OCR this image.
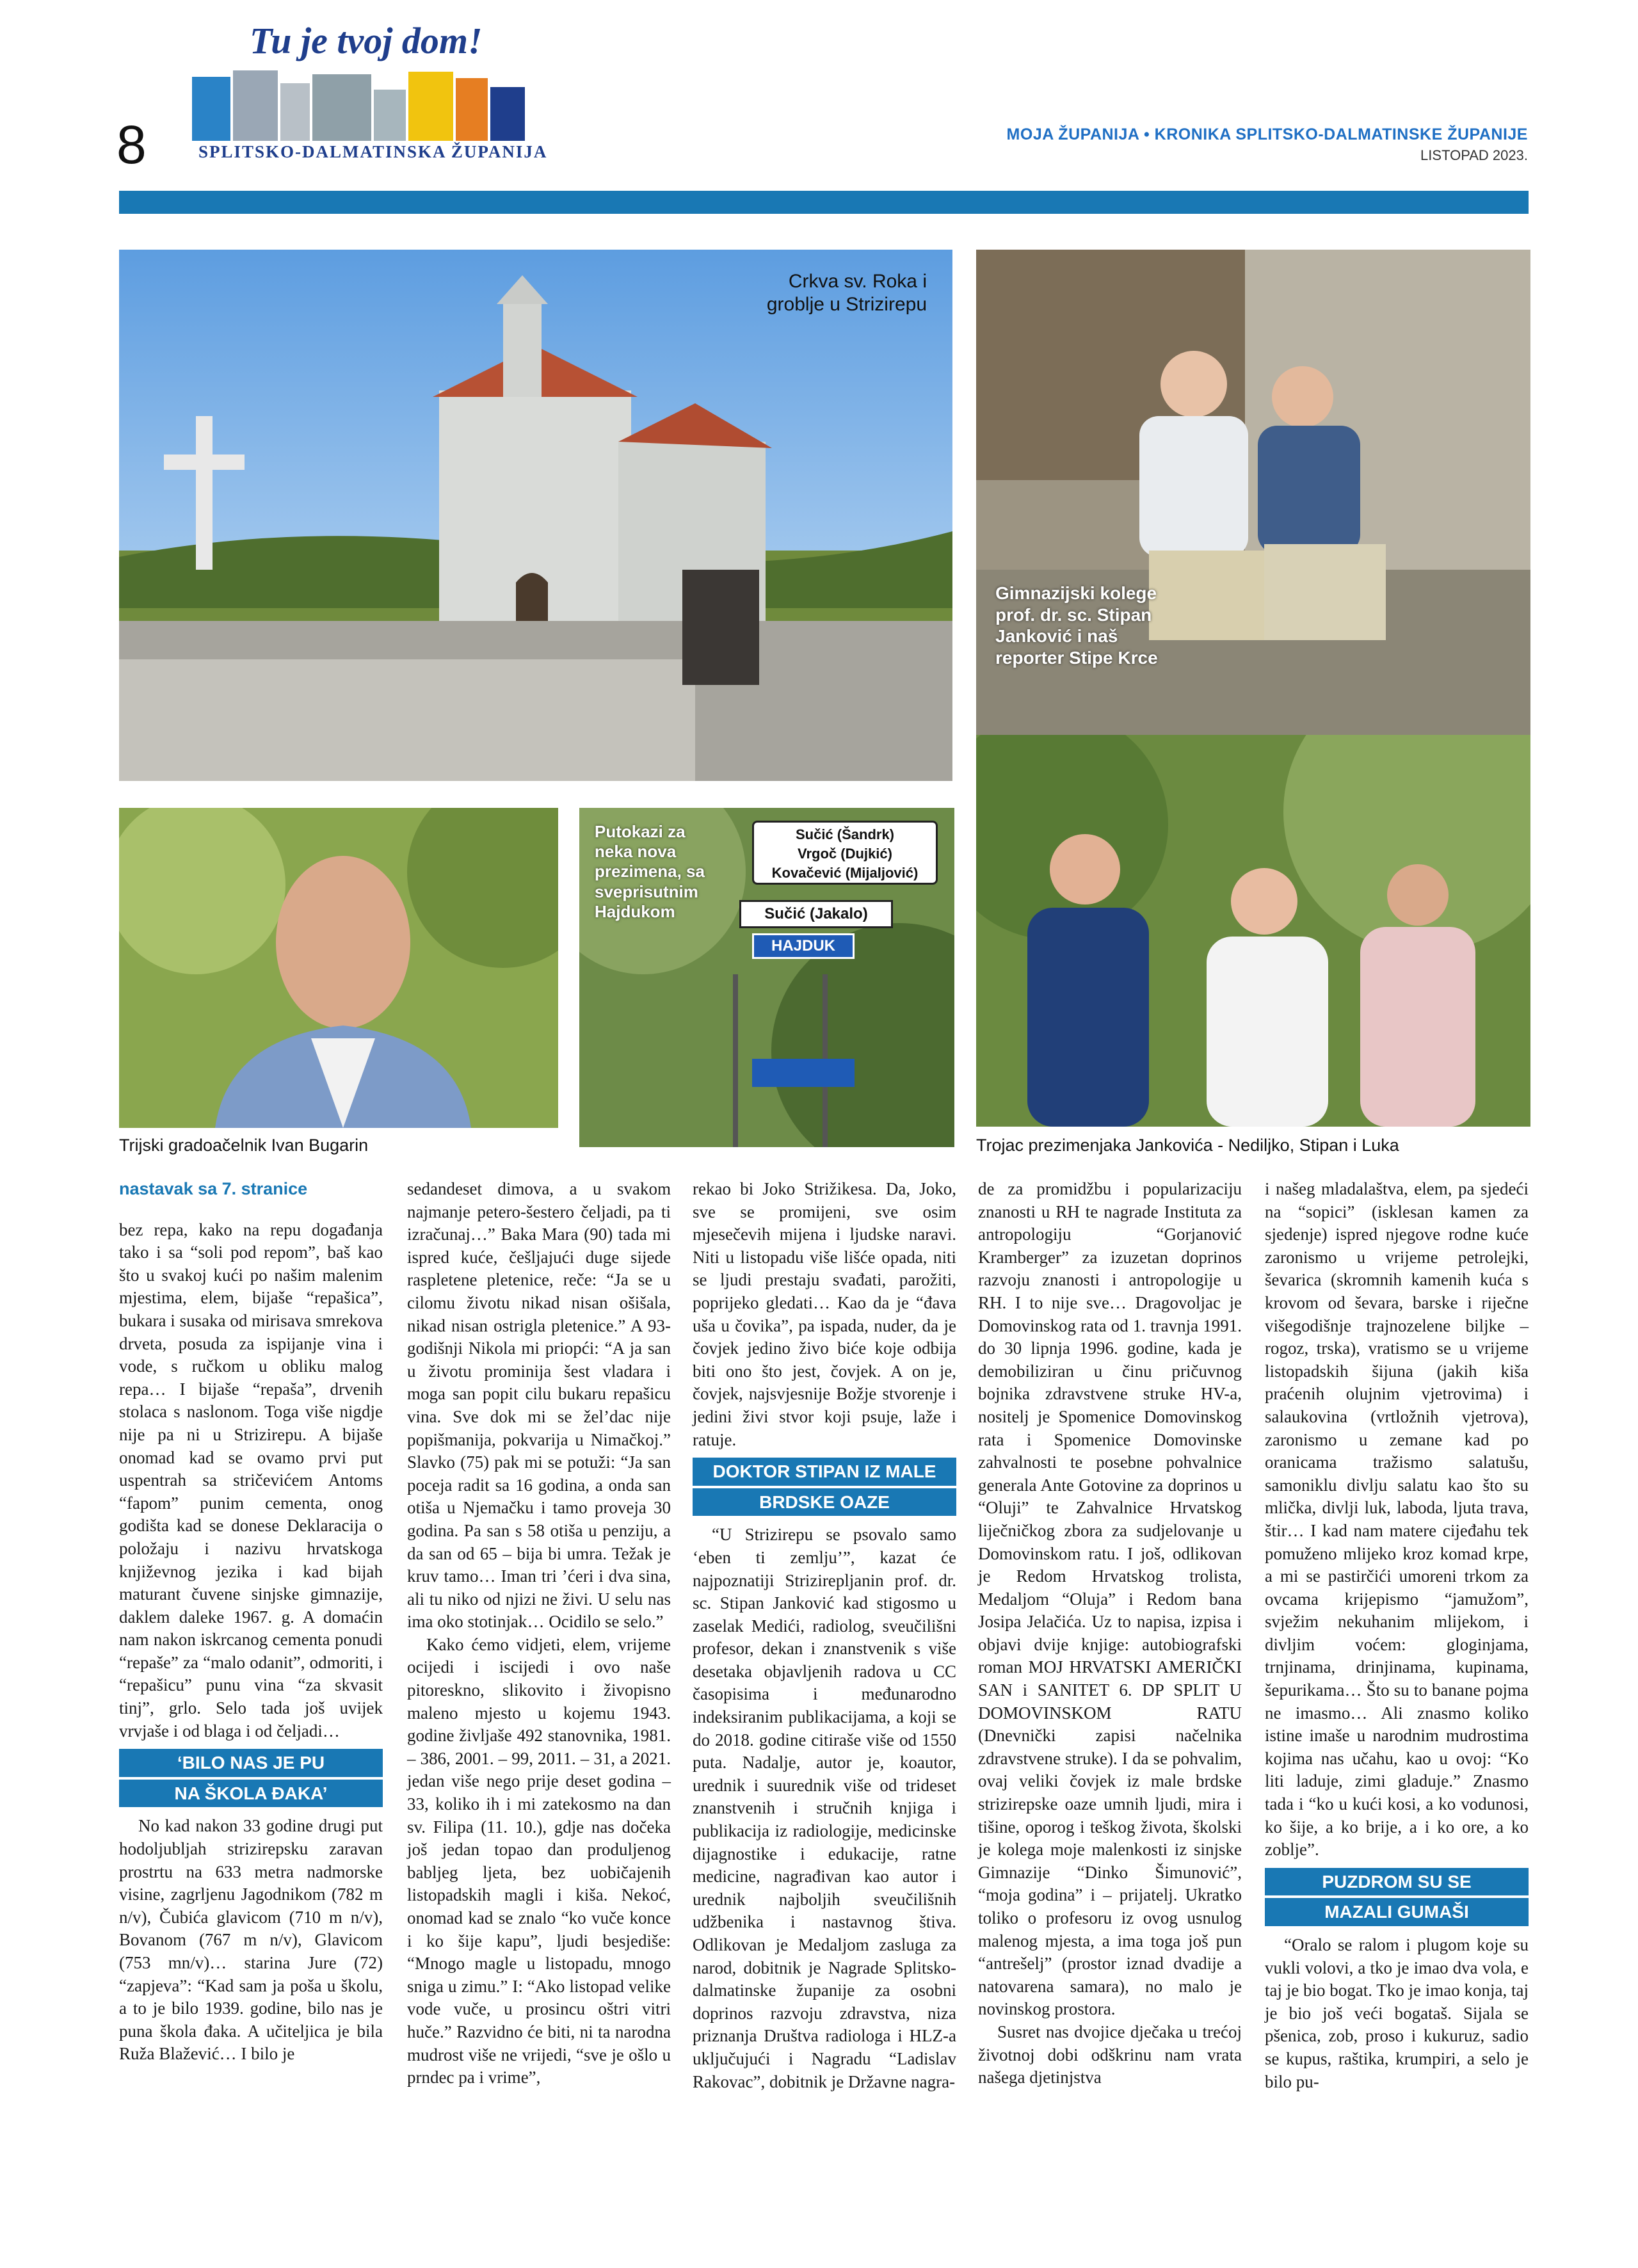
Tu je tvoj dom!
SPLITSKO-DALMATINSKA ŽUPANIJA
8	MOJA ŽUPANIJA • KRONIKA SPLITSKO-DALMATINSKE ŽUPANIJE
LISTOPAD 2023.
Crkva sv. Roka i groblje u Strizirepu
Gimnazijski kolege prof. dr. sc. Stipan Janković i naš reporter Stipe Krce
Trijski gradoačelnik Ivan Bugarin
Sučić (Šandrk)
Vrgoč (Dujkić)
Kovačević (Mijaljović)
Sučić (Jakalo)
HAJDUK
Putokazi za neka nova prezimena, sa sveprisutnim Hajdukom
Trojac prezimenjaka Jankovića - Nediljko, Stipan i Luka
nastavak sa 7. stranice

bez repa, kako na repu događanja tako i sa “soli pod repom”, baš kao što u svakoj kući po našim malenim mjestima, elem, bijaše “repašica”, bukara i susaka od mirisava smrekova drveta, posuda za ispijanje vina i vode, s ručkom u obliku malog repa… I bijaše “repaša”, drvenih stolaca s naslonom. Toga više nigdje nije pa ni u Strizirepu. A bijaše onomad kad se ovamo prvi put uspentrah sa stričevićem Antoms “fapom” punim cementa, onog godišta kad se donese Deklaracija o položaju i nazivu hrvatskoga književnog jezika i kad bijah maturant čuvene sinjske gimnazije, daklem daleke 1967. g. A domaćin nam nakon iskrcanog cementa ponudi “repaše” za “malo odanit”, odmoriti, i “repašicu” punu vina “za skvasit tinj”, grlo. Selo tada još uvijek vrvjaše i od blaga i od čeljadi…

‘BILO NAS JE PU
NA ŠKOLA ĐAKA’

No kad nakon 33 godine drugi put hodoljubljah strizirepsku zaravan prostrtu na 633 metra nadmorske visine, zagrljenu Jagodnikom (782 m n/v), Čubića glavicom (710 m n/v), Bovanom (767 m n/v), Glavicom (753 mn/v)… starina Jure (72) “zapjeva”: “Kad sam ja poša u školu, a to je bilo 1939. godine, bilo nas je puna škola đaka. A učiteljica je bila Ruža Blažević… I bilo je

sedandeset dimova, a u svakom najmanje petero-šestero čeljadi, pa ti izračunaj…” Baka Mara (90) tada mi ispred kuće, češljajući duge sijede raspletene pletenice, reče: “Ja se u cilomu životu nikad nisan ošišala, nikad nisan ostrigla pletenice.” A 93-godišnji Nikola mi priopći: “A ja san u životu prominija šest vladara i moga san popit cilu bukaru repašicu vina. Sve dok mi se žel’dac nije popišmanija, pokvarija u Nimačkoj.” Slavko (75) pak mi se potuži: “Ja san poceja radit sa 16 godina, a onda san otiša u Njemačku i tamo proveja 30 godina. Pa san s 58 otiša u penziju, a da san od 65 – bija bi umra. Težak je kruv tamo… Iman tri ’ćeri i dva sina, ali tu niko od njizi ne živi. U selu nas ima oko stotinjak… Ocidilo se selo.”

Kako ćemo vidjeti, elem, vrijeme ocijedi i iscijedi i ovo naše pitoreskno, slikovito i živopisno maleno mjesto u kojemu 1943. godine življaše 492 stanovnika, 1981. – 386, 2001. – 99, 2011. – 31, a 2021. jedan više nego prije deset godina – 33, koliko ih i mi zatekosmo na dan sv. Filipa (11. 10.), gdje nas dočeka još jedan topao dan produljenog babljeg ljeta, bez uobičajenih listopadskih magli i kiša. Nekoć, onomad kad se znalo “ko vuče konce i ko šije kapu”, ljudi besjediše: “Mnogo magle u listopadu, mnogo sniga u zimu.” I: “Ako listopad velike vode vuče, u prosincu oštri vitri huče.” Razvidno će biti, ni ta narodna mudrost više ne vrijedi, “sve je ošlo u prndec pa i vrime”,

rekao bi Joko Strižikesa. Da, Joko, sve se promijeni, sve osim mjesečevih mijena i ljudske naravi. Niti u listopadu više lišće opada, niti se ljudi prestaju svađati, parožiti, poprijeko gledati… Kao da je “đava uša u čovika”, pa ispada, nuder, da je čovjek jedino živo biće koje odbija biti ono što jest, čovjek. A on je, čovjek, najsvjesnije Božje stvorenje i jedini živi stvor koji psuje, laže i ratuje.

DOKTOR STIPAN IZ MALE
BRDSKE OAZE

“U Strizirepu se psovalo samo ‘eben ti zemlju’”, kazat će najpoznatiji Strizirepljanin prof. dr. sc. Stipan Janković kad stigosmo u zaselak Medići, radiolog, sveučilišni profesor, dekan i znanstvenik s više desetaka objavljenih radova u CC časopisima i međunarodno indeksiranim publikacijama, a koji se do 2018. godine citiraše više od 1550 puta. Nadalje, autor je, koautor, urednik i suurednik više od trideset znanstvenih i stručnih knjiga i publikacija iz radiologije, medicinske dijagnostike i edukacije, ratne medicine, nagrađivan kao autor i urednik najboljih sveučilišnih udžbenika i nastavnog štiva. Odlikovan je Medaljom zasluga za narod, dobitnik je Nagrade Splitsko-dalmatinske županije za osobni doprinos razvoju zdravstva, niza priznanja Društva radiologa i HLZ-a uključujući i Nagradu “Ladislav Rakovac”, dobitnik je Državne nagra-

de za promidžbu i popularizaciju znanosti u RH te nagrade Instituta za antropologiju “Gorjanović Kramberger” za izuzetan doprinos razvoju znanosti i antropologije u RH. I to nije sve… Dragovoljac je Domovinskog rata od 1. travnja 1991. do 30 lipnja 1996. godine, kada je demobiliziran u činu pričuvnog bojnika zdravstvene struke HV-a, nositelj je Spomenice Domovinskog rata i Spomenice Domovinske zahvalnosti te posebne pohvalnice generala Ante Gotovine za doprinos u “Oluji” te Zahvalnice Hrvatskog liječničkog zbora za sudjelovanje u Domovinskom ratu. I još, odlikovan je Redom Hrvatskog trolista, Medaljom “Oluja” i Redom bana Josipa Jelačića. Uz to napisa, izpisa i objavi dvije knjige: autobiografski roman MOJ HRVATSKI AMERIČKI SAN i SANITET 6. DP SPLIT U DOMOVINSKOM RATU (Dnevnički zapisi načelnika zdravstvene struke). I da se pohvalim, ovaj veliki čovjek iz male brdske strizirepske oaze umnih ljudi, mira i tišine, oporog i teškog života, školski je kolega moje malenkosti iz sinjske Gimnazije “Dinko Šimunović”, “moja godina” i – prijatelj. Ukratko toliko o profesoru iz ovog usnulog malenog mjesta, a ima toga još pun “antrešelj” (prostor iznad dvadije a natovarena samara), no malo je novinskog prostora.

Susret nas dvojice dječaka u trećoj životnoj dobi odškrinu nam vrata našega djetinjstva

i našeg mladalaštva, elem, pa sjedeći na “sopici” (isklesan kamen za sjedenje) ispred njegove rodne kuće zaronismo u vrijeme petrolejki, ševarica (skromnih kamenih kuća s krovom od ševara, barske i riječne višegodišnje trajnozelene biljke – rogoz, trska), vratismo se u vrijeme listopadskih šijuna (jakih kiša praćenih olujnim vjetrovima) i salaukovina (vrtložnih vjetrova), zaronismo u zemane kad po oranicama tražismo salatušu, samoniklu divlju salatu kao što su mlička, divlji luk, laboda, ljuta trava, štir… I kad nam matere cijeđahu tek pomuženo mlijeko kroz komad krpe, a mi se pastirčići umoreni trkom za ovcama krijepismo “jamužom”, svježim nekuhanim mlijekom, i divljim voćem: gloginjama, trnjinama, drinjinama, kupinama, šepurikama… Što su to banane pojma ne imasmo… Ali znasmo koliko istine imaše u narodnim mudrostima kojima nas učahu, kao u ovoj: “Ko liti laduje, zimi gladuje.” Znasmo tada i “ko u kući kosi, a ko vodunosi, ko šije, a ko brije, a i ko ore, a ko zoblje”.

PUZDROM SU SE
MAZALI GUMAŠI

“Oralo se ralom i plugom koje su vukli volovi, a tko je imao dva vola, e taj je bio bogat. Tko je imao konja, taj je bio još veći bogataš. Sijala se pšenica, zob, proso i kukuruz, sadio se kupus, raštika, krumpiri, a selo je bilo pu-
